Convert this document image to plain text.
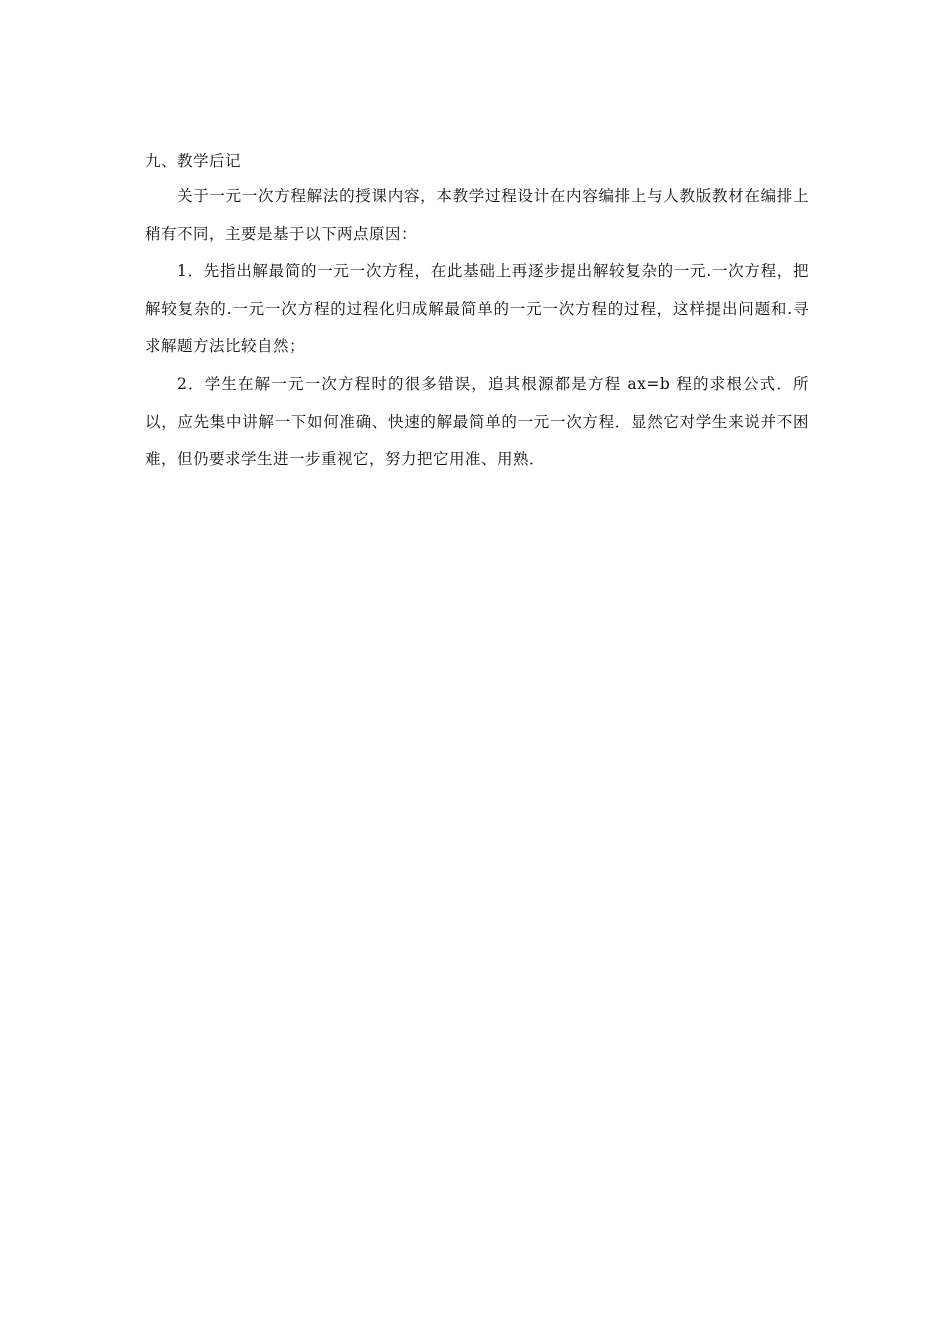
九、教学后记

关于一元一次方程解法的授课内容，本教学过程设计在内容编排上与人教版教材在编排上稍有不同，主要是基于以下两点原因：

1．先指出解最简的一元一次方程，在此基础上再逐步提出解较复杂的一元.一次方程，把解较复杂的.一元一次方程的过程化归成解最简单的一元一次方程的过程，这样提出问题和.寻求解题方法比较自然；

2．学生在解一元一次方程时的很多错误，追其根源都是方程 ax=b 程的求根公式．所以，应先集中讲解一下如何准确、快速的解最简单的一元一次方程．显然它对学生来说并不困难，但仍要求学生进一步重视它，努力把它用准、用熟．
